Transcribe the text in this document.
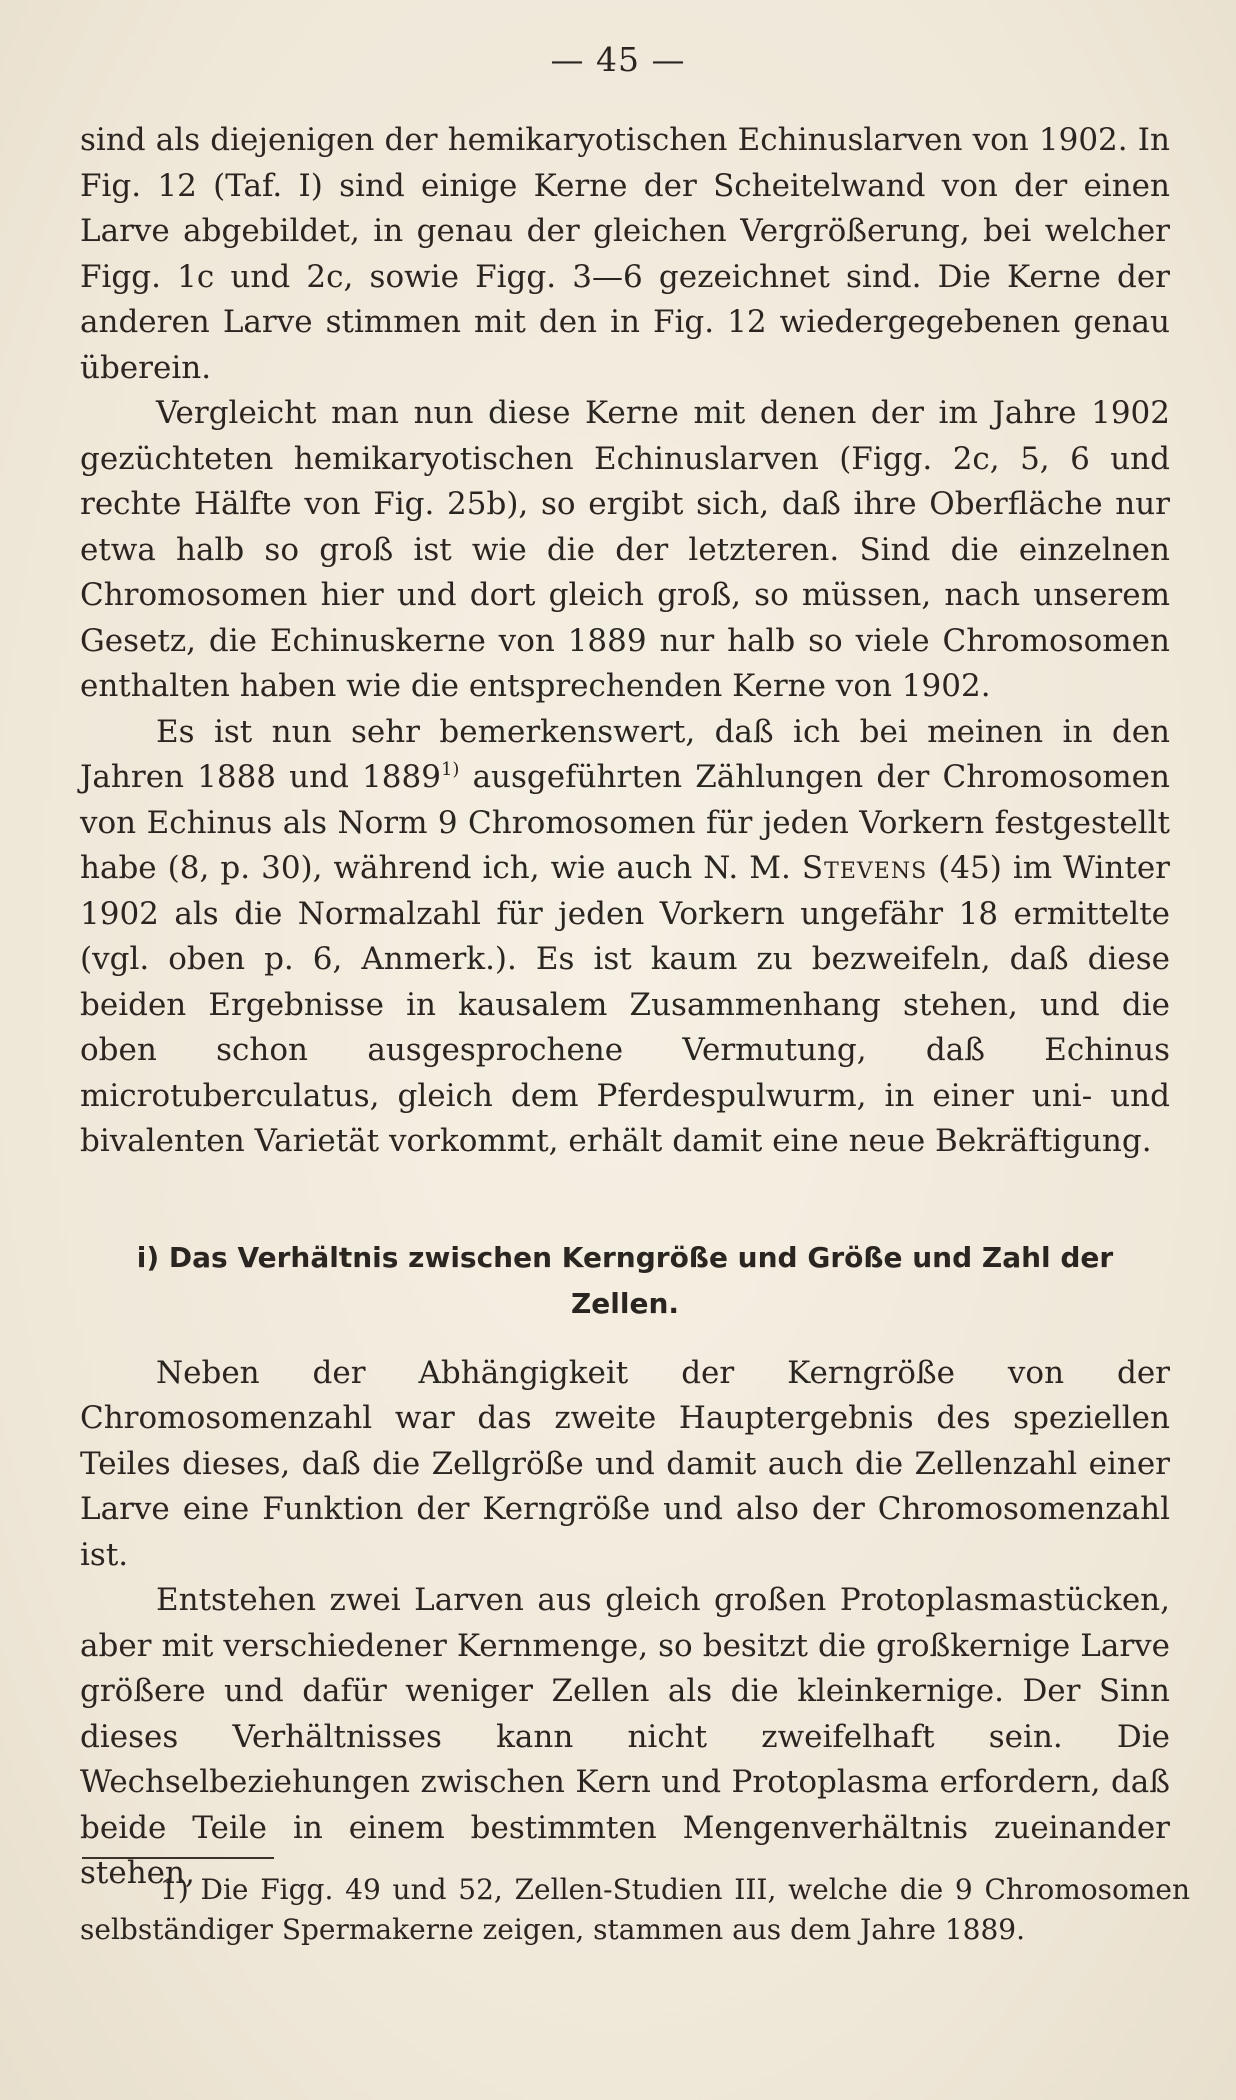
— 45 —

sind als diejenigen der hemikaryotischen Echinuslarven von 1902. In Fig. 12 (Taf. I) sind einige Kerne der Scheitelwand von der einen Larve abgebildet, in genau der gleichen Vergrößerung, bei welcher Figg. 1c und 2c, sowie Figg. 3—6 gezeichnet sind. Die Kerne der anderen Larve stimmen mit den in Fig. 12 wiedergegebenen genau überein.

Vergleicht man nun diese Kerne mit denen der im Jahre 1902 gezüchteten hemikaryotischen Echinuslarven (Figg. 2c, 5, 6 und rechte Hälfte von Fig. 25b), so ergibt sich, daß ihre Oberfläche nur etwa halb so groß ist wie die der letzteren. Sind die einzelnen Chromosomen hier und dort gleich groß, so müssen, nach unserem Gesetz, die Echinuskerne von 1889 nur halb so viele Chromosomen enthalten haben wie die entsprechenden Kerne von 1902.

Es ist nun sehr bemerkenswert, daß ich bei meinen in den Jahren 1888 und 1889$^{1)}$ ausgeführten Zählungen der Chromosomen von Echinus als Norm 9 Chromosomen für jeden Vorkern festgestellt habe (8, p. 30), während ich, wie auch N. M. Stevens (45) im Winter 1902 als die Normalzahl für jeden Vorkern ungefähr 18 ermittelte (vgl. oben p. 6, Anmerk.). Es ist kaum zu bezweifeln, daß diese beiden Ergebnisse in kausalem Zusammenhang stehen, und die oben schon ausgesprochene Vermutung, daß Echinus microtuberculatus, gleich dem Pferdespulwurm, in einer uni- und bivalenten Varietät vorkommt, erhält damit eine neue Bekräftigung.

i) Das Verhältnis zwischen Kerngröße und Größe und Zahl der Zellen.

Neben der Abhängigkeit der Kerngröße von der Chromosomenzahl war das zweite Hauptergebnis des speziellen Teiles dieses, daß die Zellgröße und damit auch die Zellenzahl einer Larve eine Funktion der Kerngröße und also der Chromosomenzahl ist.

Entstehen zwei Larven aus gleich großen Protoplasmastücken, aber mit verschiedener Kernmenge, so besitzt die großkernige Larve größere und dafür weniger Zellen als die kleinkernige. Der Sinn dieses Verhältnisses kann nicht zweifelhaft sein. Die Wechselbeziehungen zwischen Kern und Protoplasma erfordern, daß beide Teile in einem bestimmten Mengenverhältnis zueinander stehen,

1) Die Figg. 49 und 52, Zellen-Studien III, welche die 9 Chromosomen selbständiger Spermakerne zeigen, stammen aus dem Jahre 1889.
